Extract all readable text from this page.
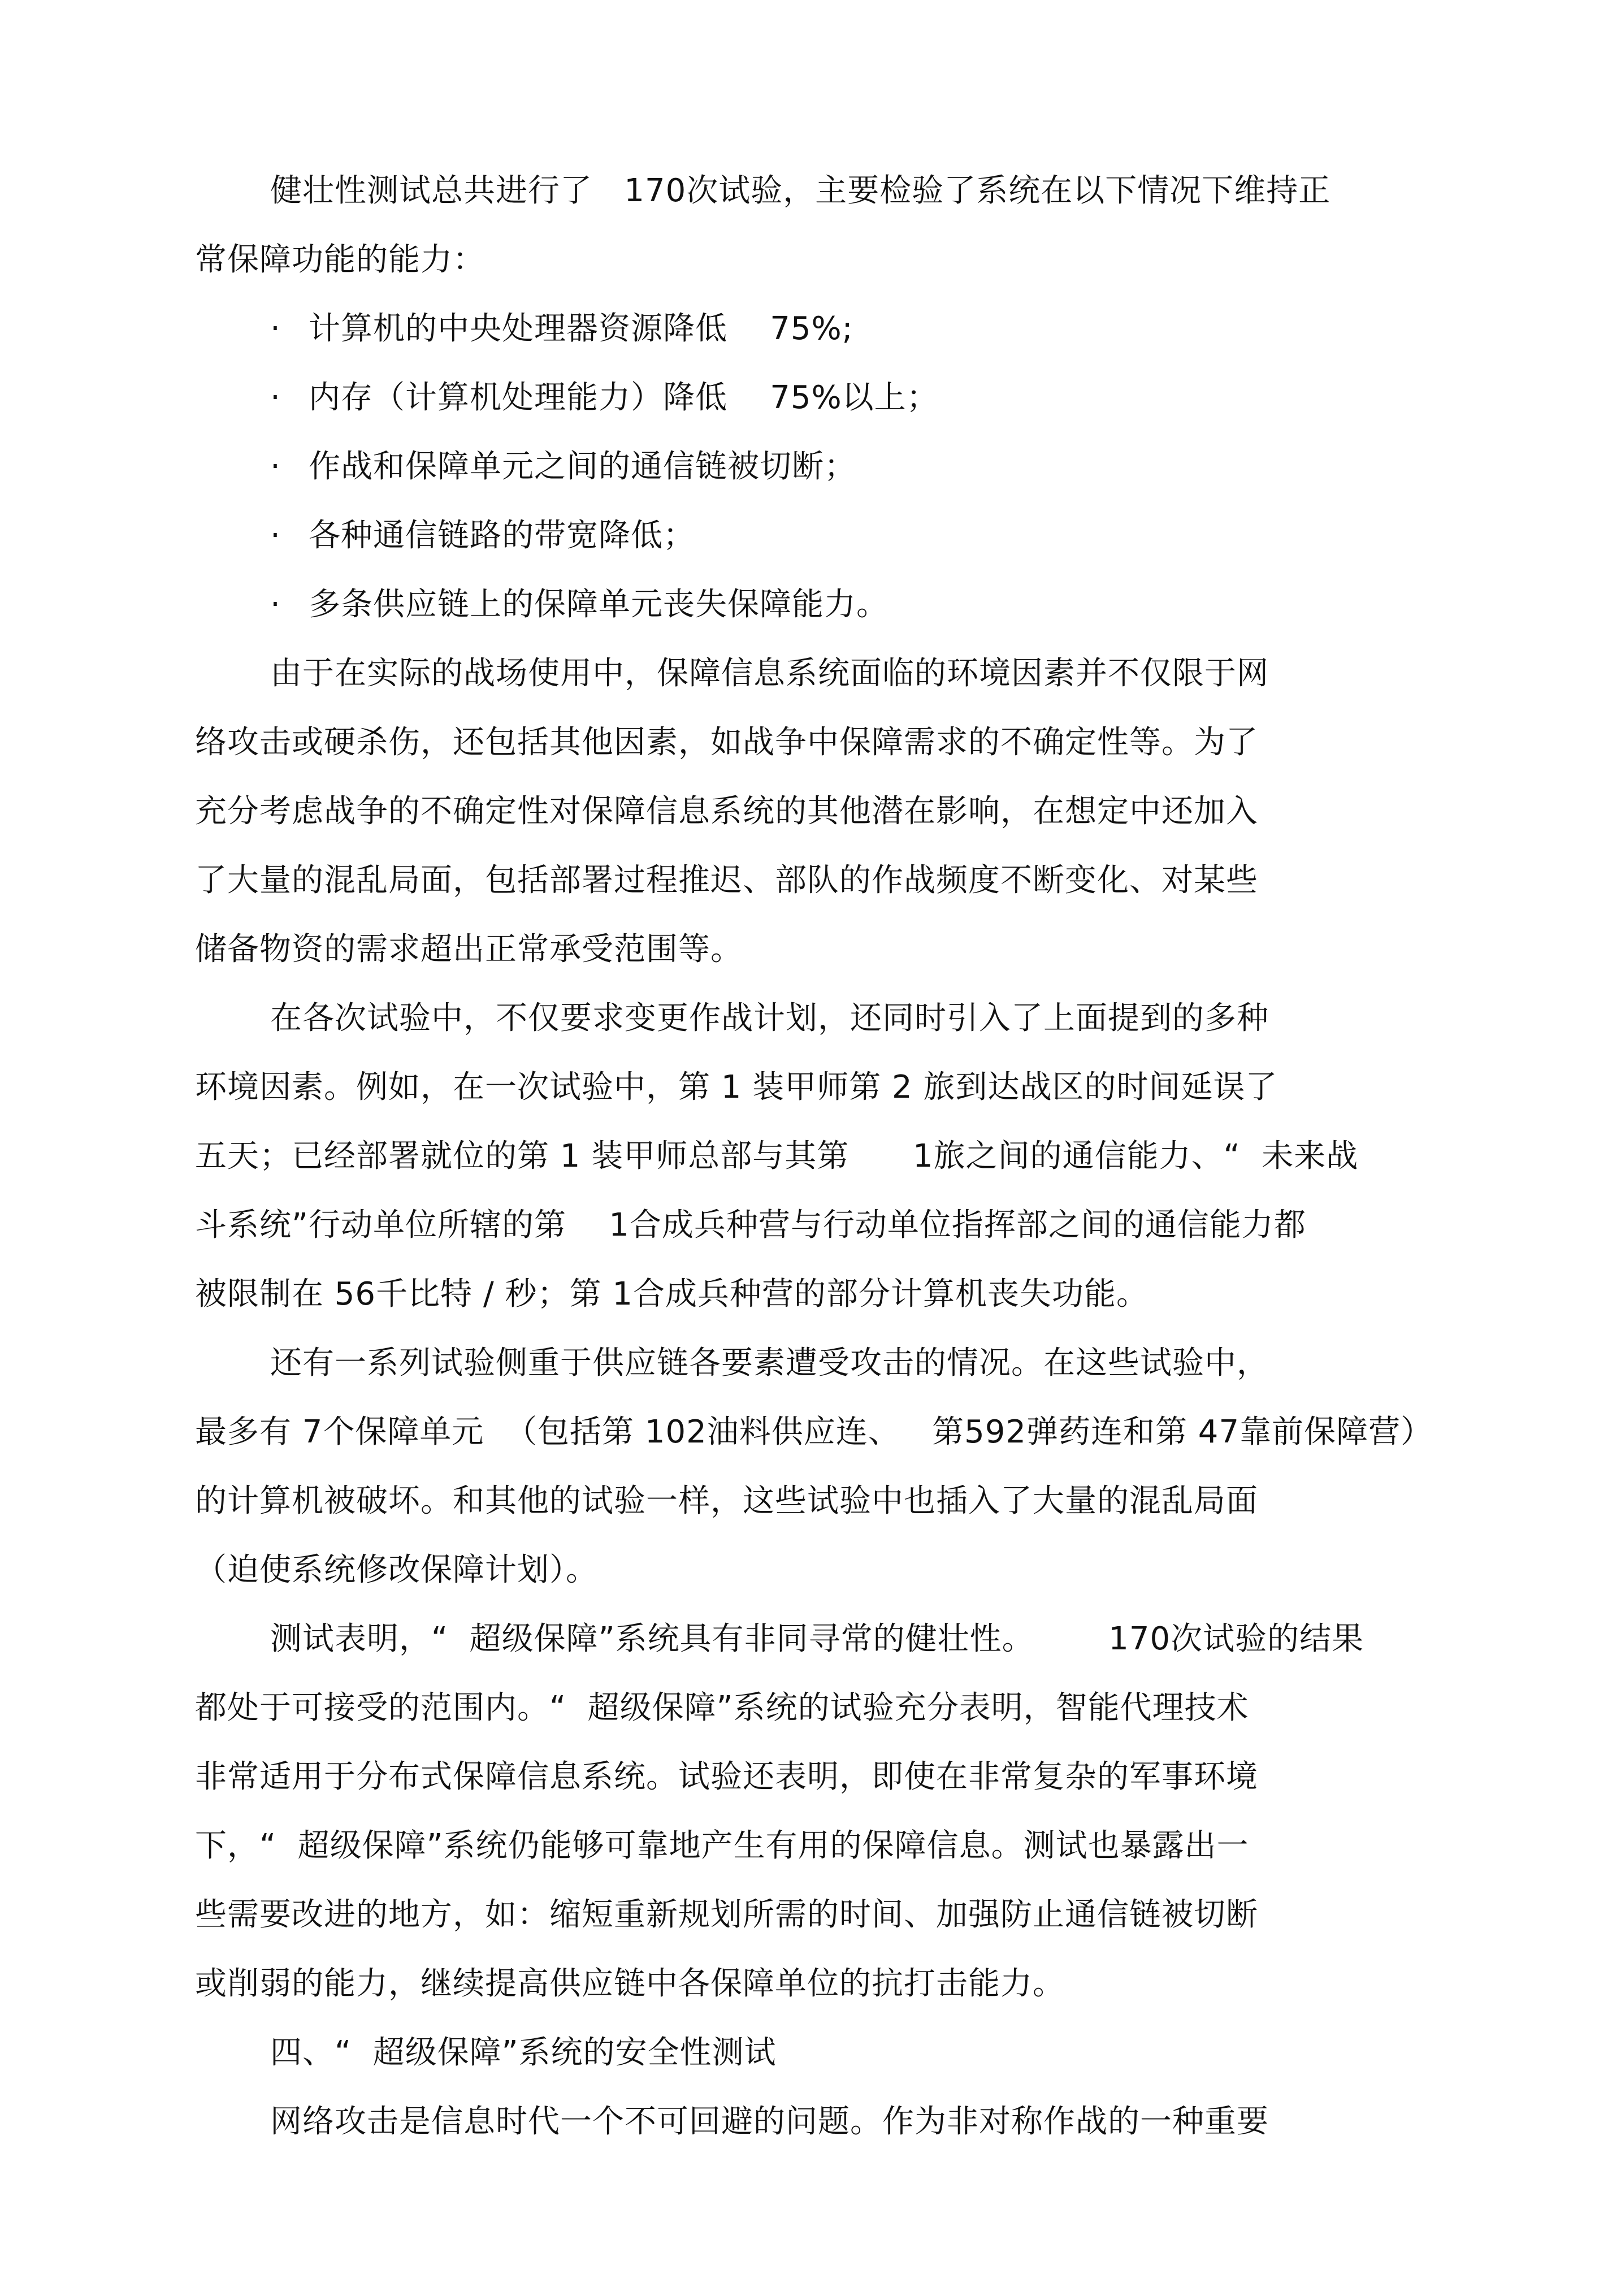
健壮性测试总共进行了   170次试验，主要检验了系统在以下情况下维持正
常保障功能的能力：
· 计算机的中央处理器资源降低    75%;
· 内存（计算机处理能力）降低    75%以上；
· 作战和保障单元之间的通信链被切断；
· 各种通信链路的带宽降低；
· 多条供应链上的保障单元丧失保障能力。
由于在实际的战场使用中，保障信息系统面临的环境因素并不仅限于网
络攻击或硬杀伤，还包括其他因素，如战争中保障需求的不确定性等。为了
充分考虑战争的不确定性对保障信息系统的其他潜在影响，在想定中还加入
了大量的混乱局面，包括部署过程推迟、部队的作战频度不断变化、对某些
储备物资的需求超出正常承受范围等。
在各次试验中，不仅要求变更作战计划，还同时引入了上面提到的多种
环境因素。例如，在一次试验中，第 1 装甲师第 2 旅到达战区的时间延误了
五天；已经部署就位的第 1 装甲师总部与其第      1旅之间的通信能力、“  未来战
斗系统”行动单位所辖的第    1合成兵种营与行动单位指挥部之间的通信能力都
被限制在 56千比特 / 秒；第 1合成兵种营的部分计算机丧失功能。
还有一系列试验侧重于供应链各要素遭受攻击的情况。在这些试验中，
最多有 7个保障单元  （包括第 102油料供应连、   第592弹药连和第 47靠前保障营）
的计算机被破坏。和其他的试验一样，这些试验中也插入了大量的混乱局面
（迫使系统修改保障计划）。
测试表明，“  超级保障”系统具有非同寻常的健壮性。       170次试验的结果
都处于可接受的范围内。“  超级保障”系统的试验充分表明，智能代理技术
非常适用于分布式保障信息系统。试验还表明，即使在非常复杂的军事环境
下，“  超级保障”系统仍能够可靠地产生有用的保障信息。测试也暴露出一
些需要改进的地方，如：缩短重新规划所需的时间、加强防止通信链被切断
或削弱的能力，继续提高供应链中各保障单位的抗打击能力。
四、“  超级保障”系统的安全性测试
网络攻击是信息时代一个不可回避的问题。作为非对称作战的一种重要
